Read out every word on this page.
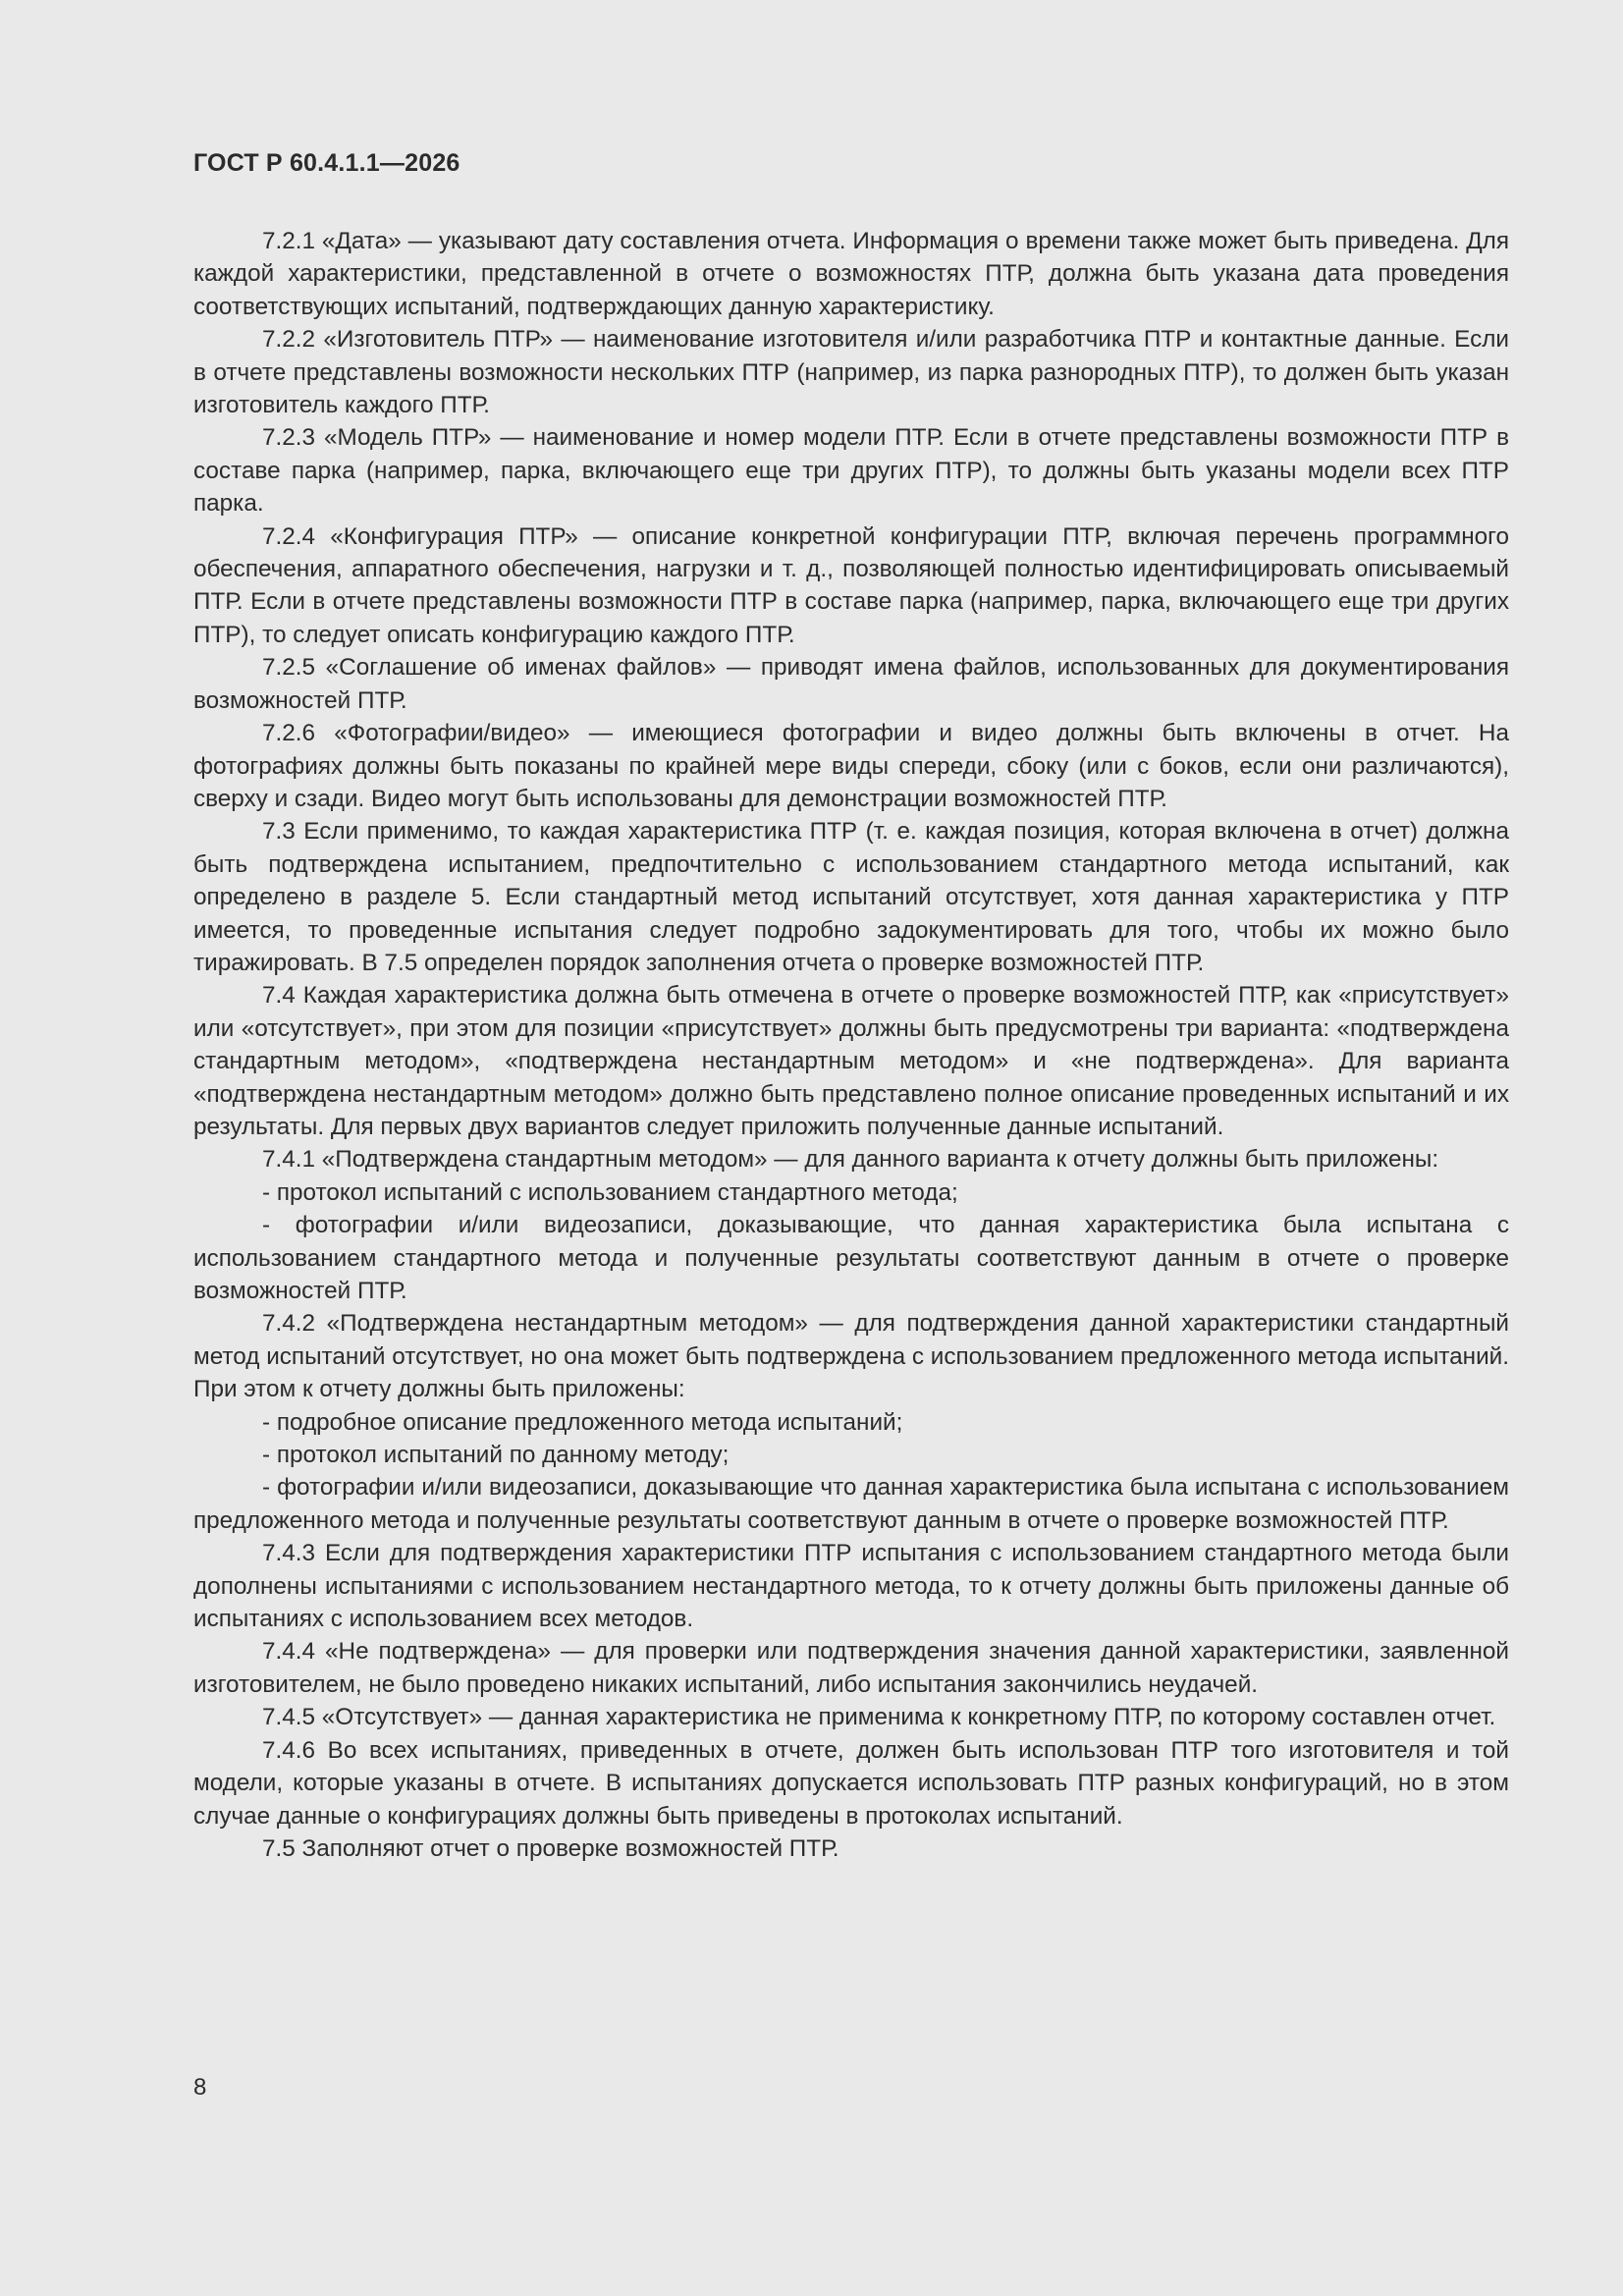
ГОСТ Р 60.4.1.1—2026

7.2.1 «Дата» — указывают дату составления отчета. Информация о времени также может быть приведена. Для каждой характеристики, представленной в отчете о возможностях ПТР, должна быть указана дата проведения соответствующих испытаний, подтверждающих данную характеристику.

7.2.2 «Изготовитель ПТР» — наименование изготовителя и/или разработчика ПТР и контактные данные. Если в отчете представлены возможности нескольких ПТР (например, из парка разнородных ПТР), то должен быть указан изготовитель каждого ПТР.

7.2.3 «Модель ПТР» — наименование и номер модели ПТР. Если в отчете представлены возможности ПТР в составе парка (например, парка, включающего еще три других ПТР), то должны быть указаны модели всех ПТР парка.

7.2.4 «Конфигурация ПТР» — описание конкретной конфигурации ПТР, включая перечень программного обеспечения, аппаратного обеспечения, нагрузки и т. д., позволяющей полностью идентифицировать описываемый ПТР. Если в отчете представлены возможности ПТР в составе парка (например, парка, включающего еще три других ПТР), то следует описать конфигурацию каждого ПТР.

7.2.5 «Соглашение об именах файлов» — приводят имена файлов, использованных для документирования возможностей ПТР.

7.2.6 «Фотографии/видео» — имеющиеся фотографии и видео должны быть включены в отчет. На фотографиях должны быть показаны по крайней мере виды спереди, сбоку (или с боков, если они различаются), сверху и сзади. Видео могут быть использованы для демонстрации возможностей ПТР.

7.3 Если применимо, то каждая характеристика ПТР (т. е. каждая позиция, которая включена в отчет) должна быть подтверждена испытанием, предпочтительно с использованием стандартного метода испытаний, как определено в разделе 5. Если стандартный метод испытаний отсутствует, хотя данная характеристика у ПТР имеется, то проведенные испытания следует подробно задокументировать для того, чтобы их можно было тиражировать. В 7.5 определен порядок заполнения отчета о проверке возможностей ПТР.

7.4 Каждая характеристика должна быть отмечена в отчете о проверке возможностей ПТР, как «присутствует» или «отсутствует», при этом для позиции «присутствует» должны быть предусмотрены три варианта: «подтверждена стандартным методом», «подтверждена нестандартным методом» и «не подтверждена». Для варианта «подтверждена нестандартным методом» должно быть представлено полное описание проведенных испытаний и их результаты. Для первых двух вариантов следует приложить полученные данные испытаний.

7.4.1 «Подтверждена стандартным методом» — для данного варианта к отчету должны быть приложены:

- протокол испытаний с использованием стандартного метода;

- фотографии и/или видеозаписи, доказывающие, что данная характеристика была испытана с использованием стандартного метода и полученные результаты соответствуют данным в отчете о проверке возможностей ПТР.

7.4.2 «Подтверждена нестандартным методом» — для подтверждения данной характеристики стандартный метод испытаний отсутствует, но она может быть подтверждена с использованием предложенного метода испытаний. При этом к отчету должны быть приложены:

- подробное описание предложенного метода испытаний;

- протокол испытаний по данному методу;

- фотографии и/или видеозаписи, доказывающие что данная характеристика была испытана с использованием предложенного метода и полученные результаты соответствуют данным в отчете о проверке возможностей ПТР.

7.4.3 Если для подтверждения характеристики ПТР испытания с использованием стандартного метода были дополнены испытаниями с использованием нестандартного метода, то к отчету должны быть приложены данные об испытаниях с использованием всех методов.

7.4.4 «Не подтверждена» — для проверки или подтверждения значения данной характеристики, заявленной изготовителем, не было проведено никаких испытаний, либо испытания закончились неудачей.

7.4.5 «Отсутствует» — данная характеристика не применима к конкретному ПТР, по которому составлен отчет.

7.4.6 Во всех испытаниях, приведенных в отчете, должен быть использован ПТР того изготовителя и той модели, которые указаны в отчете. В испытаниях допускается использовать ПТР разных конфигураций, но в этом случае данные о конфигурациях должны быть приведены в протоколах испытаний.

7.5 Заполняют отчет о проверке возможностей ПТР.

8
